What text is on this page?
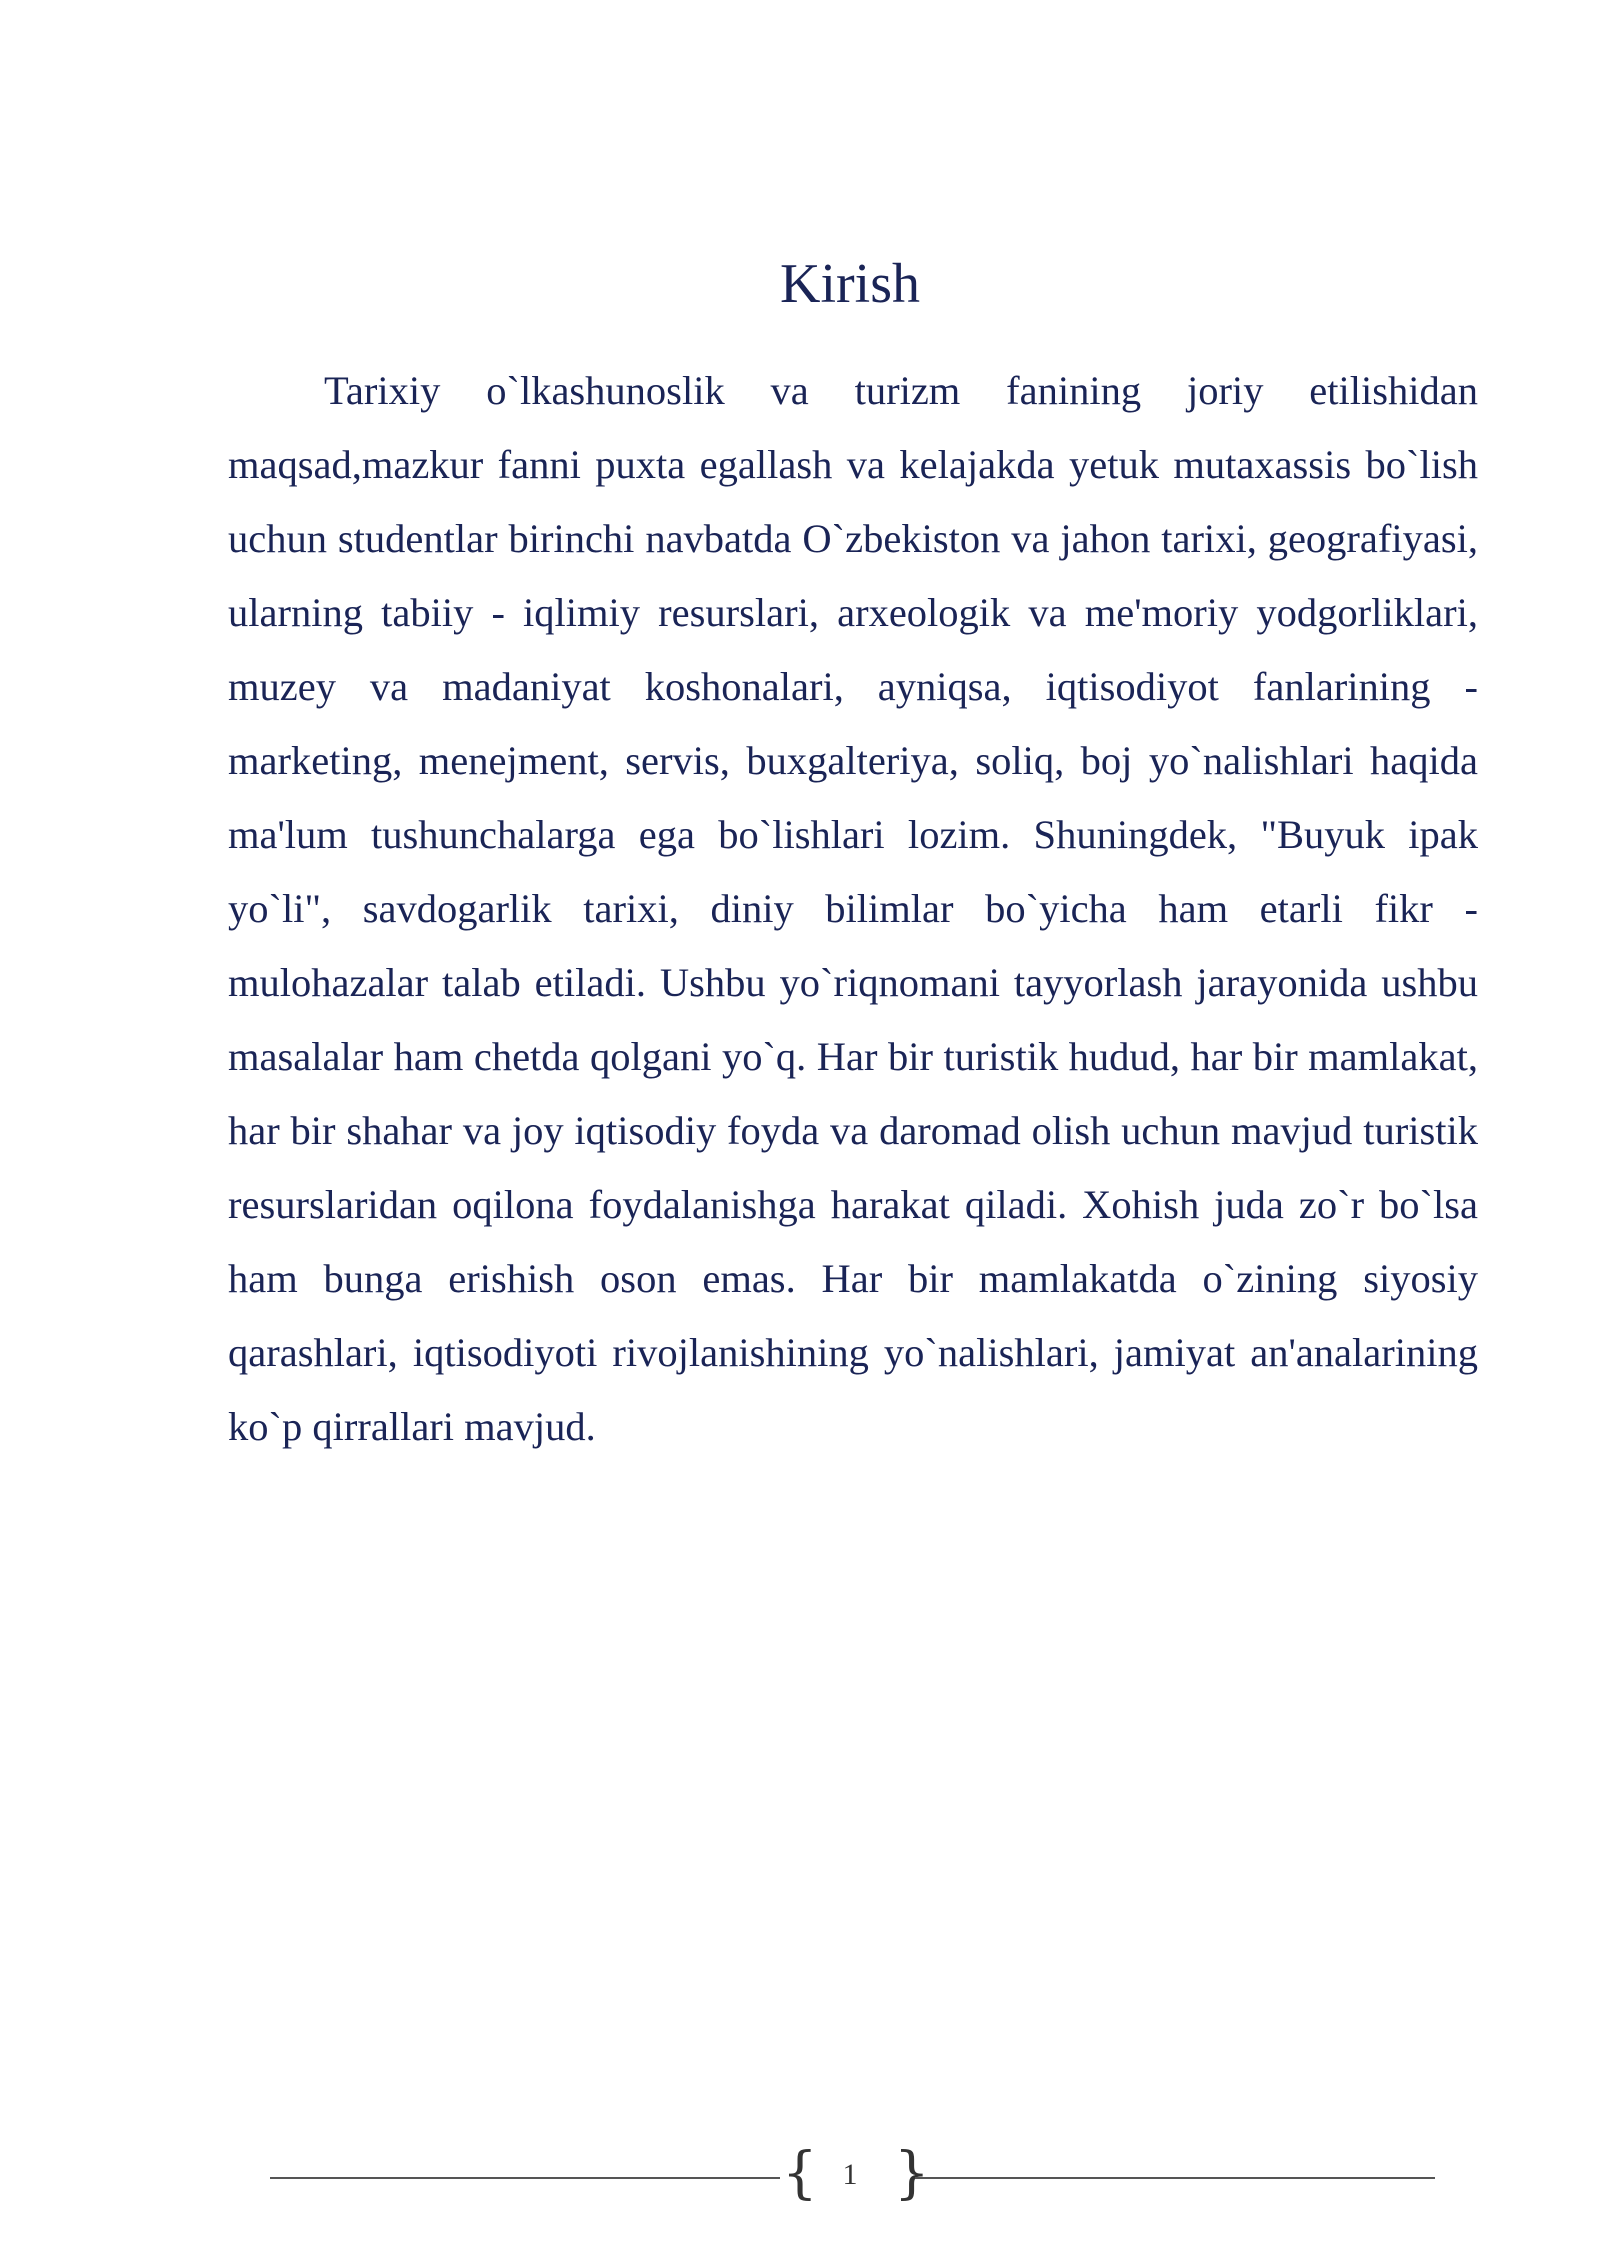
Kirish

Tarixiy o`lkashunoslik va turizm fanining joriy etilishidan maqsad,mazkur fanni puxta egallash va kelajakda yetuk mutaxassis bo`lish uchun studentlar birinchi navbatda O`zbekiston va jahon tarixi, geografiyasi, ularning tabiiy - iqlimiy resurslari, arxeologik va me'moriy yodgorliklari, muzey va madaniyat koshonalari, ayniqsa, iqtisodiyot fanlarining - marketing, menejment, servis, buxgalteriya, soliq, boj yo`nalishlari haqida ma'lum tushunchalarga ega bo`lishlari lozim. Shuningdek, "Buyuk ipak yo`li", savdogarlik tarixi, diniy bilimlar bo`yicha ham etarli fikr - mulohazalar talab etiladi. Ushbu yo`riqnomani tayyorlash jarayonida ushbu masalalar ham chetda qolgani yo`q. Har bir turistik hudud, har bir mamlakat, har bir shahar va joy iqtisodiy foyda va daromad olish uchun mavjud turistik resurslaridan oqilona foydalanishga harakat qiladi. Xohish juda zo`r bo`lsa ham bunga erishish oson emas. Har bir mamlakatda o`zining siyosiy qarashlari, iqtisodiyoti rivojlanishining yo`nalishlari, jamiyat an'analarining ko`p qirrallari mavjud.

{ 1 }
